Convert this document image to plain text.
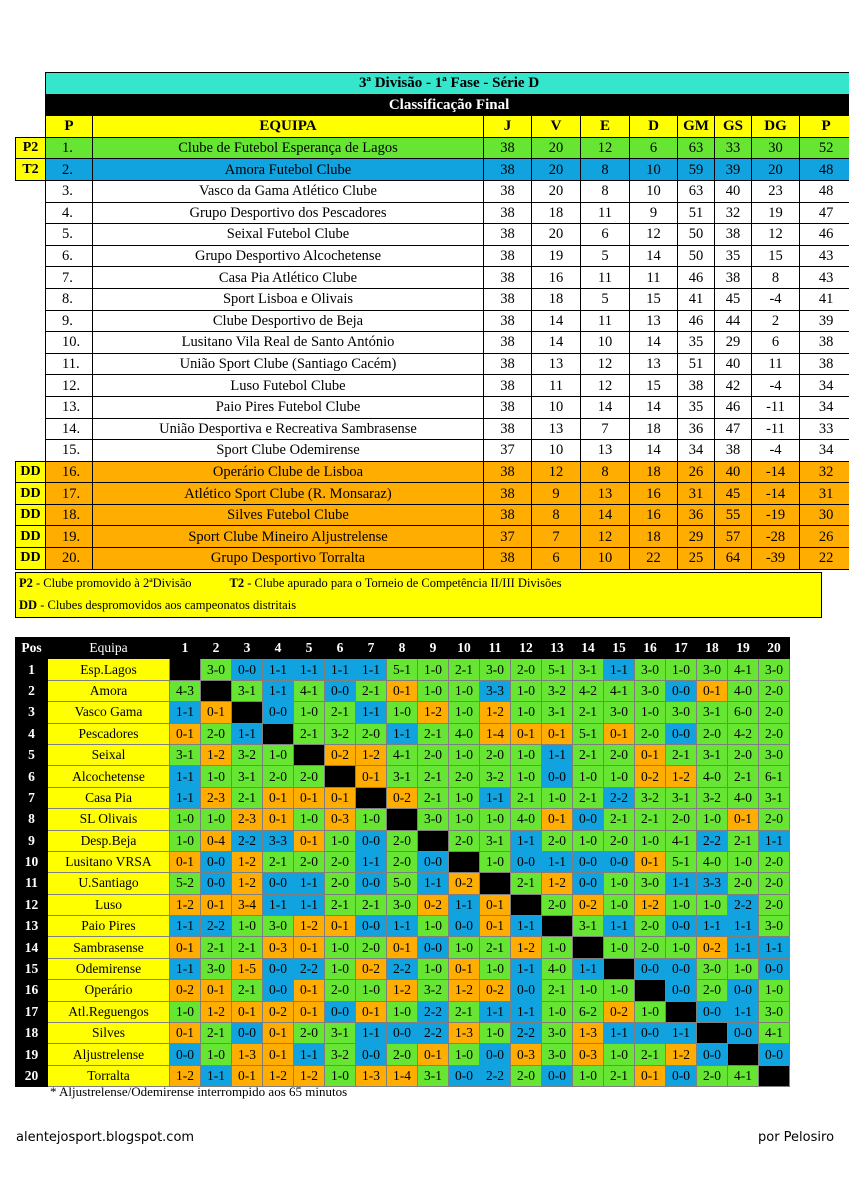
	3ª Divisão - 1ª Fase - Série D									
	Classificação Final									
	P	EQUIPA	J	V	E	D	GM	GS	DG	P
P2	1.	Clube de Futebol Esperança de Lagos	38	20	12	6	63	33	30	52
T2	2.	Amora Futebol Clube	38	20	8	10	59	39	20	48
	3.	Vasco da Gama Atlético Clube	38	20	8	10	63	40	23	48
	4.	Grupo Desportivo dos Pescadores	38	18	11	9	51	32	19	47
	5.	Seixal Futebol Clube	38	20	6	12	50	38	12	46
	6.	Grupo Desportivo Alcochetense	38	19	5	14	50	35	15	43
	7.	Casa Pia Atlético Clube	38	16	11	11	46	38	8	43
	8.	Sport Lisboa e Olivais	38	18	5	15	41	45	-4	41
	9.	Clube Desportivo de Beja	38	14	11	13	46	44	2	39
	10.	Lusitano Vila Real de Santo António	38	14	10	14	35	29	6	38
	11.	União Sport Clube (Santiago Cacém)	38	13	12	13	51	40	11	38
	12.	Luso Futebol Clube	38	11	12	15	38	42	-4	34
	13.	Paio Pires Futebol Clube	38	10	14	14	35	46	-11	34
	14.	União Desportiva e Recreativa Sambrasense	38	13	7	18	36	47	-11	33
	15.	Sport Clube Odemirense	37	10	13	14	34	38	-4	34
DD	16.	Operário Clube de Lisboa	38	12	8	18	26	40	-14	32
DD	17.	Atlético Sport Clube (R. Monsaraz)	38	9	13	16	31	45	-14	31
DD	18.	Silves Futebol Clube	38	8	14	16	36	55	-19	30
DD	19.	Sport Clube Mineiro Aljustrelense	37	7	12	18	29	57	-28	26
DD	20.	Grupo Desportivo Torralta	38	6	10	22	25	64	-39	22
P2 - Clube promovido à 2ªDivisão	T2 - Clube apurado para o Torneio de Competência II/III Divisões
DD - Clubes despromovidos aos campeonatos distritais
Pos	Equipa	1	2	3	4	5	6	7	8	9	10	11	12	13	14	15	16	17	18	19	20
1	Esp.Lagos		3-0	0-0	1-1	1-1	1-1	1-1	5-1	1-0	2-1	3-0	2-0	5-1	3-1	1-1	3-0	1-0	3-0	4-1	3-0
2	Amora	4-3		3-1	1-1	4-1	0-0	2-1	0-1	1-0	1-0	3-3	1-0	3-2	4-2	4-1	3-0	0-0	0-1	4-0	2-0
3	Vasco Gama	1-1	0-1		0-0	1-0	2-1	1-1	1-0	1-2	1-0	1-2	1-0	3-1	2-1	3-0	1-0	3-0	3-1	6-0	2-0
4	Pescadores	0-1	2-0	1-1		2-1	3-2	2-0	1-1	2-1	4-0	1-4	0-1	0-1	5-1	0-1	2-0	0-0	2-0	4-2	2-0
5	Seixal	3-1	1-2	3-2	1-0		0-2	1-2	4-1	2-0	1-0	2-0	1-0	1-1	2-1	2-0	0-1	2-1	3-1	2-0	3-0
6	Alcochetense	1-1	1-0	3-1	2-0	2-0		0-1	3-1	2-1	2-0	3-2	1-0	0-0	1-0	1-0	0-2	1-2	4-0	2-1	6-1
7	Casa Pia	1-1	2-3	2-1	0-1	0-1	0-1		0-2	2-1	1-0	1-1	2-1	1-0	2-1	2-2	3-2	3-1	3-2	4-0	3-1
8	SL Olivais	1-0	1-0	2-3	0-1	1-0	0-3	1-0		3-0	1-0	1-0	4-0	0-1	0-0	2-1	2-1	2-0	1-0	0-1	2-0
9	Desp.Beja	1-0	0-4	2-2	3-3	0-1	1-0	0-0	2-0		2-0	3-1	1-1	2-0	1-0	2-0	1-0	4-1	2-2	2-1	1-1
10	Lusitano VRSA	0-1	0-0	1-2	2-1	2-0	2-0	1-1	2-0	0-0		1-0	0-0	1-1	0-0	0-0	0-1	5-1	4-0	1-0	2-0
11	U.Santiago	5-2	0-0	1-2	0-0	1-1	2-0	0-0	5-0	1-1	0-2		2-1	1-2	0-0	1-0	3-0	1-1	3-3	2-0	2-0
12	Luso	1-2	0-1	3-4	1-1	1-1	2-1	2-1	3-0	0-2	1-1	0-1		2-0	0-2	1-0	1-2	1-0	1-0	2-2	2-0
13	Paio Pires	1-1	2-2	1-0	3-0	1-2	0-1	0-0	1-1	1-0	0-0	0-1	1-1		3-1	1-1	2-0	0-0	1-1	1-1	3-0
14	Sambrasense	0-1	2-1	2-1	0-3	0-1	1-0	2-0	0-1	0-0	1-0	2-1	1-2	1-0		1-0	2-0	1-0	0-2	1-1	1-1
15	Odemirense	1-1	3-0	1-5	0-0	2-2	1-0	0-2	2-2	1-0	0-1	1-0	1-1	4-0	1-1		0-0	0-0	3-0	1-0	0-0
16	Operário	0-2	0-1	2-1	0-0	0-1	2-0	1-0	1-2	3-2	1-2	0-2	0-0	2-1	1-0	1-0		0-0	2-0	0-0	1-0
17	Atl.Reguengos	1-0	1-2	0-1	0-2	0-1	0-0	0-1	1-0	2-2	2-1	1-1	1-1	1-0	6-2	0-2	1-0		0-0	1-1	3-0
18	Silves	0-1	2-1	0-0	0-1	2-0	3-1	1-1	0-0	2-2	1-3	1-0	2-2	3-0	1-3	1-1	0-0	1-1		0-0	4-1
19	Aljustrelense	0-0	1-0	1-3	0-1	1-1	3-2	0-0	2-0	0-1	1-0	0-0	0-3	3-0	0-3	1-0	2-1	1-2	0-0		0-0
20	Torralta	1-2	1-1	0-1	1-2	1-2	1-0	1-3	1-4	3-1	0-0	2-2	2-0	0-0	1-0	2-1	0-1	0-0	2-0	4-1	
* Aljustrelense/Odemirense interrompido aos 65 minutos
alentejosport.blogspot.com	por Pelosiro
